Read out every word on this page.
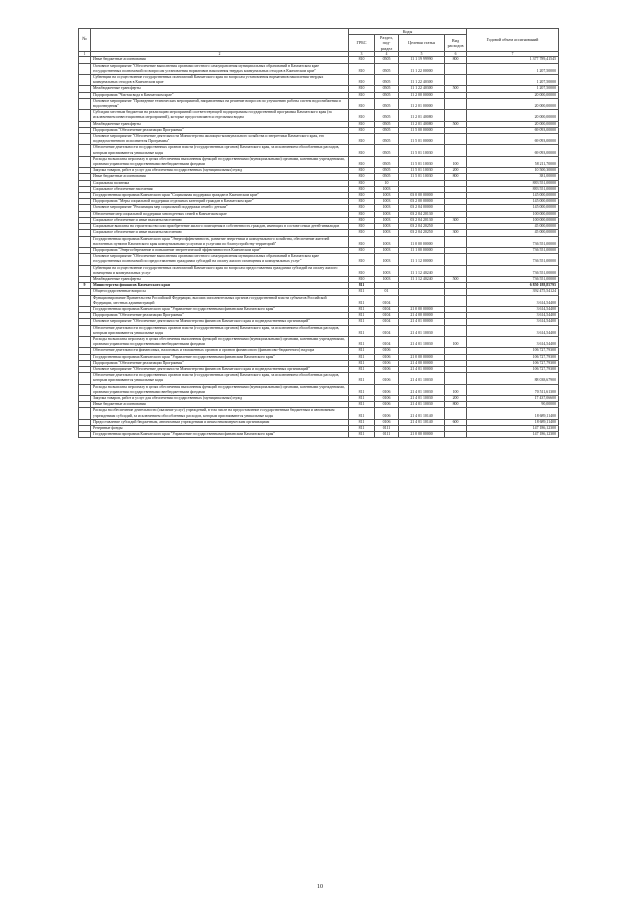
№	Наименование	Коды				Годовой объем ассигнований
		ГРБС	Раздел, под-раздел	Целевая статья	Вид расходов	
1	2	3	4	5	6	7
	Иные бюджетные ассигнования	810	0505	11 1 19 99990	800	1 377 789,41545
	Основное мероприятие "Обеспечение выполнения органами местного самоуправления муниципальных образований в Камчатском крае государственных полномочий по вопросам установления нормативов накопления твердых коммунальных отходов в Камчатском крае"	810	0505	11 1 22 00000		1 207,50000
	Субвенции на осуществление государственных полномочий Камчатского края по вопросам установления нормативов накопления твердых коммунальных отходов в Камчатском крае	810	0505	11 1 22 40300		1 207,50000
	Межбюджетные трансферты	810	0505	11 1 22 40300	500	1 207,50000
	Подпрограмма "Чистая вода в Камчатском крае"	810	0505	11 2 00 00000		20 000,00000
	Основное мероприятие "Проведение технических мероприятий, направленных на решение вопросов по улучшению работы систем водоснабжения и водоотведения"	810	0505	11 2 01 00000		20 000,00000
	Субсидии местным бюджетам на реализацию мероприятий соответствующей подпрограммы государственной программы Камчатского края (за исключением инвестиционных мероприятий), которые предоставляются отдельным видам	810	0505	11 2 01 40080		20 000,00000
	Межбюджетные трансферты	810	0505	11 2 01 40080	500	20 000,00000
	Подпрограмма "Обеспечение реализации Программы"	810	0505	11 5 00 00000		69 093,00000
	Основное мероприятие "Обеспечение деятельности Министерства жилищно-коммунального хозяйства и энергетики Камчатского края, его подведомственного исполнителя Программы"	810	0505	11 5 01 00000		69 093,00000
	Обеспечение деятельности государственных органов власти (государственных органов) Камчатского края, за исключением обособленных расходов, которым присваиваются уникальные коды	810	0505	11 5 01 10030		69 093,00000
	Расходы на выплаты персоналу в целях обеспечения выполнения функций государственными (муниципальными) органами, казенными учреждениями, органами управления государственными внебюджетными фондами	810	0505	11 5 01 10030	100	58 211,70000
	Закупка товаров, работ и услуг для обеспечения государственных (муниципальных) нужд	810	0505	11 5 01 10030	200	10 500,30000
	Иные бюджетные ассигнования	810	0505	11 5 01 10030	800	381,00000
	Социальная политика	810	10			883 551,00000
	Социальное обеспечение населения	810	1003			883 551,00000
	Государственная программа Камчатского края "Социальная поддержка граждан в Камчатском крае"	810	1003	03 0 00 00000		145 000,00000
	Подпрограмма "Меры социальной поддержки отдельных категорий граждан в Камчатском крае"	810	1003	03 2 00 00000		145 000,00000
	Основное мероприятие "Реализация мер социальной поддержки семей с детьми"	810	1003	03 2 04 00000		145 000,00000
	Обеспечение мер социальной поддержки многодетных семей в Камчатском крае	810	1003	03 2 04 20130		100 000,00000
	Социальное обеспечение и иные выплаты населению	810	1003	03 2 04 20130	300	100 000,00000
	Социальные выплаты на строительство или приобретение жилого помещения в собственность граждан, имеющих в составе семьи детей-инвалидов	810	1003	03 2 04 20250		45 000,00000
	Социальное обеспечение и иные выплаты населению	810	1003	03 2 04 20250	300	45 000,00000
	Государственная программа Камчатского края "Энергоэффективность, развитие энергетики и коммунального хозяйства, обеспечение жителей населенных пунктов Камчатского края коммунальными услугами и услугами по благоустройству территорий"	810	1003	11 0 00 00000		736 551,00000
	Подпрограмма "Энергосбережение и повышение энергетической эффективности в Камчатском крае"	810	1003	11 1 00 00000		736 551,00000
	Основное мероприятие "Обеспечение выполнения органами местного самоуправления муниципальных образований в Камчатском крае государственных полномочий по предоставлению гражданам субсидий на оплату жилого помещения и коммунальных услуг"	810	1003	11 1 12 00000		736 551,00000
	Субвенции на осуществление государственных полномочий Камчатского края по вопросам предоставления гражданам субсидий на оплату жилого помещения и коммунальных услуг	810	1003	11 1 12 40240		736 551,00000
	Межбюджетные трансферты	810	1003	11 1 12 40240	500	736 551,00000
9	Министерство финансов Камчатского края	811				6 850 188,85795
	Общегосударственные вопросы	811	01			392 475,54124
	Функционирование Правительства Российской Федерации, высших исполнительных органов государственной власти субъектов Российской Федерации, местных администраций	811	0104			3 614,54400
	Государственная программа Камчатского края "Управление государственными финансами Камчатского края"	811	0104	21 0 00 00000		3 614,54400
	Подпрограмма "Обеспечение реализации Программы"	811	0104	21 4 00 00000		3 614,54400
	Основное мероприятие "Обеспечение деятельности Министерства финансов Камчатского края и подведомственных организаций"	811	0104	21 4 01 00000		3 614,54400
	Обеспечение деятельности государственных органов власти (государственных органов) Камчатского края, за исключением обособленных расходов, которым присваиваются уникальные коды	811	0104	21 4 01 10030		3 614,54400
	Расходы на выплаты персоналу в целях обеспечения выполнения функций государственными (муниципальными) органами, казенными учреждениями, органами управления государственными внебюджетными фондами	811	0104	21 4 01 10030	100	3 614,54400
	Обеспечение деятельности финансовых, налоговых и таможенных органов и органов финансового (финансово-бюджетного) надзора	811	0106			106 727,79300
	Государственная программа Камчатского края "Управление государственными финансами Камчатского края"	811	0106	21 0 00 00000		106 727,79300
	Подпрограмма "Обеспечение реализации Программы"	811	0106	21 4 00 00000		106 727,79300
	Основное мероприятие "Обеспечение деятельности Министерства финансов Камчатского края и подведомственных организаций"	811	0106	21 4 01 00000		106 727,79300
	Обеспечение деятельности государственных органов власти (государственных органов) Камчатского края, за исключением обособленных расходов, которым присваиваются уникальные коды	811	0106	21 4 01 10030		88 038,67900
	Расходы на выплаты персоналу в целях обеспечения выполнения функций государственными (муниципальными) органами, казенными учреждениями, органами управления государственными внебюджетными фондами	811	0106	21 4 01 10030	100	70 511,61300
	Закупка товаров, работ и услуг для обеспечения государственных (муниципальных) нужд	811	0106	21 4 01 10030	200	17 437,06600
	Иные бюджетные ассигнования	811	0106	21 4 01 10030	800	90,00000
	Расходы на обеспечение деятельности (оказание услуг) учреждений, в том числе на предоставление государственным бюджетным и автономным учреждениям субсидий, за исключением обособленных расходов, которым присваиваются уникальные коды	811	0106	21 4 01 10140		18 689,11400
	Предоставление субсидий бюджетным, автономным учреждениям и иным некоммерческим организациям	811	0106	21 4 01 10140	600	18 689,11400
	Резервные фонды	811	0111			147 186,12300
	Государственная программа Камчатского края "Управление государственными финансами Камчатского края"	811	0111	21 0 00 00000		147 186,12300
10
